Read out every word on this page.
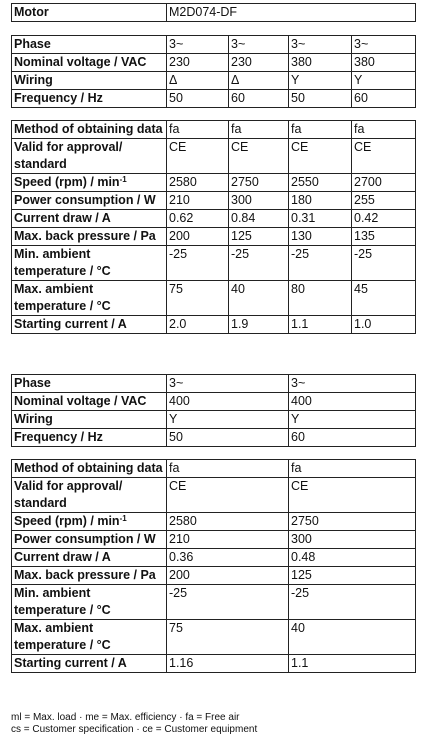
Motor	M2D074-DF
Phase	3~	3~	3~	3~
Nominal voltage / VAC	230	230	380	380
Wiring	Δ	Δ	Y	Y
Frequency / Hz	50	60	50	60
Method of obtaining data	fa	fa	fa	fa
Valid for approval/ standard	CE	CE	CE	CE
Speed $(rpm) / \min^{-1}$	2580	2750	2550	2700
Power consumption / W	210	300	180	255
Current draw / A	0.62	0.84	0.31	0.42
Max. back pressure / Pa	200	125	130	135
Min. ambient temperature / °C	-25	-25	-25	-25
Max. ambient temperature / °C	75	40	80	45
Starting current / A	2.0	1.9	1.1	1.0
Phase	3~	3~
Nominal voltage / VAC	400	400
Wiring	Y	Y
Frequency / Hz	50	60
Method of obtaining data	fa	fa
Valid for approval/ standard	CE	CE
Speed $(rpm) / \min^{-1}$	2580	2750
Power consumption / W	210	300
Current draw / A	0.36	0.48
Max. back pressure / Pa	200	125
Min. ambient temperature / °C	-25	-25
Max. ambient temperature / °C	75	40
Starting current / A	1.16	1.1
ml = Max. load · me = Max. efficiency · fa = Free air
cs = Customer specification · ce = Customer equipment
